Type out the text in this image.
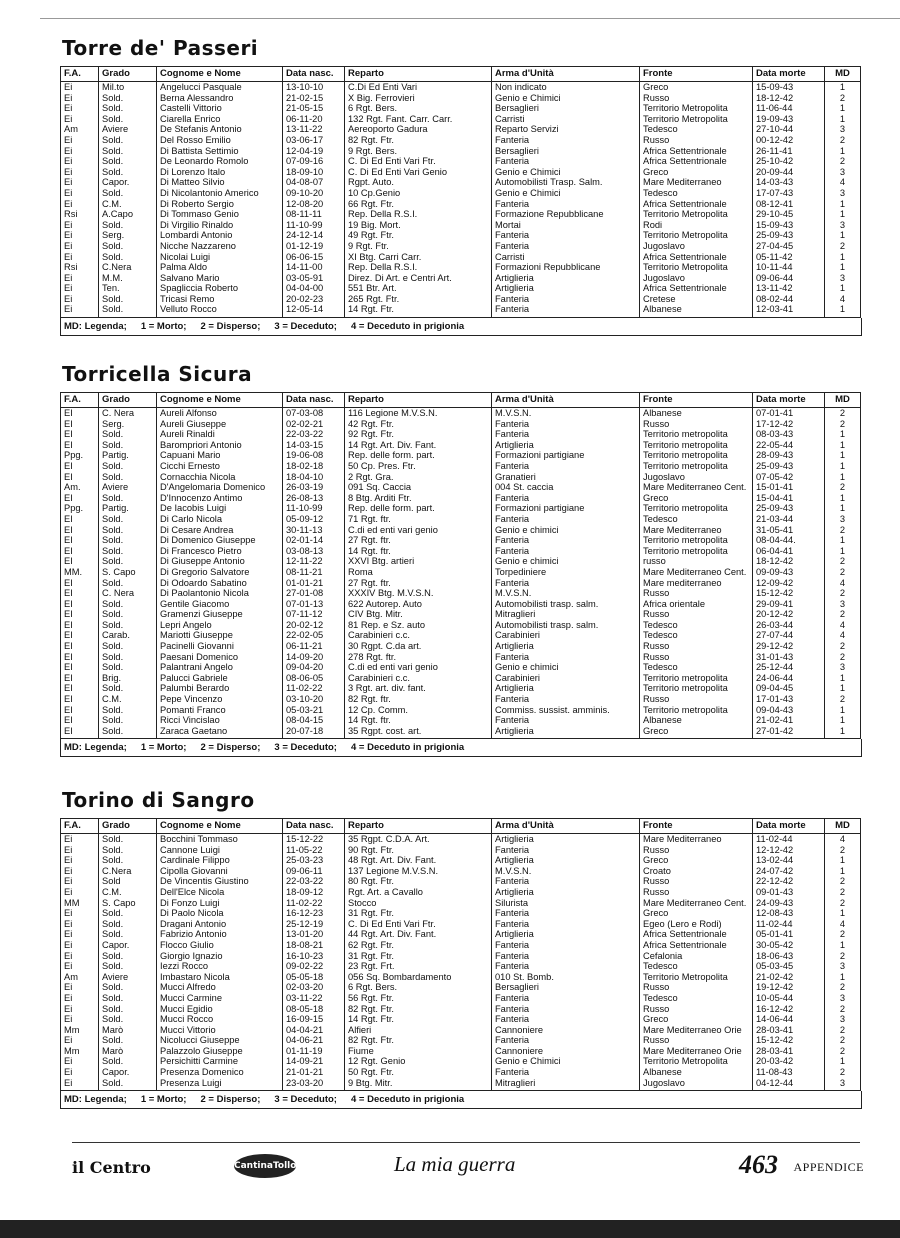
Torre de' Passeri
F.A.	Grado	Cognome e Nome	Data nasc.	Reparto	Arma d'Unità	Fronte	Data morte	MD
Ei	Mil.to	Angelucci Pasquale	13-10-10	C.Di Ed Enti Vari	Non indicato	Greco	15-09-43	1
Ei	Sold.	Berna Alessandro	21-02-15	X Big. Ferrovieri	Genio e Chimici	Russo	18-12-42	2
Ei	Sold.	Castelli Vittorio	21-05-15	6 Rgt. Bers.	Bersaglieri	Territorio Metropolita	11-06-44	1
Ei	Sold.	Ciarella Enrico	06-11-20	132 Rgt. Fant. Carr. Carr.	Carristi	Territorio Metropolita	19-09-43	1
Am	Aviere	De Stefanis Antonio	13-11-22	Aereoporto Gadura	Reparto Servizi	Tedesco	27-10-44	3
Ei	Sold.	Del Rosso Emilio	03-06-17	82 Rgt. Ftr.	Fanteria	Russo	00-12-42	2
Ei	Sold.	Di Battista Settimio	12-04-19	9 Rgt. Bers.	Bersaglieri	Africa Settentrionale	26-11-41	1
Ei	Sold.	De Leonardo Romolo	07-09-16	C. Di Ed Enti Vari Ftr.	Fanteria	Africa Settentrionale	25-10-42	2
Ei	Sold.	Di Lorenzo Italo	18-09-10	C. Di Ed Enti Vari Genio	Genio e Chimici	Greco	20-09-44	3
Ei	Capor.	Di Matteo Silvio	04-08-07	Rgpt. Auto.	Automobilisti Trasp. Salm.	Mare Mediterraneo	14-03-43	4
Ei	Sold.	Di Nicolantonio Americo	09-10-20	10 Cp.Genio	Genio e Chimici	Tedesco	17-07-43	3
Ei	C.M.	Di Roberto Sergio	12-08-20	66 Rgt. Ftr.	Fanteria	Africa Settentrionale	08-12-41	1
Rsi	A.Capo	Di Tommaso Genio	08-11-11	Rep. Della R.S.I.	Formazione Repubblicane	Territorio Metropolita	29-10-45	1
Ei	Sold.	Di Virgilio Rinaldo	11-10-99	19 Big. Mort.	Mortai	Rodi	15-09-43	3
Ei	Serg.	Lombardi Antonio	24-12-14	49 Rgt. Ftr.	Fanteria	Territorio Metropolita	25-09-43	1
Ei	Sold.	Nicche Nazzareno	01-12-19	9 Rgt. Ftr.	Fanteria	Jugoslavo	27-04-45	2
Ei	Sold.	Nicolai Luigi	06-06-15	XI Btg. Carri Carr.	Carristi	Africa Settentrionale	05-11-42	1
Rsi	C.Nera	Palma Aldo	14-11-00	Rep. Della R.S.I.	Formazioni Repubblicane	Territorio Metropolita	10-11-44	1
Ei	M.M.	Salvano Mario	03-05-91	Direz. Di Art. e Centri Art.	Artiglieria	Jugoslavo	09-06-44	3
Ei	Ten.	Spagliccia Roberto	04-04-00	551 Btr. Art.	Artiglieria	Africa Settentrionale	13-11-42	1
Ei	Sold.	Tricasi Remo	20-02-23	265 Rgt. Ftr.	Fanteria	Cretese	08-02-44	4
Ei	Sold.	Velluto Rocco	12-05-14	14 Rgt. Ftr.	Fanteria	Albanese	12-03-41	1
MD: Legenda; 1 = Morto; 2 = Disperso; 3 = Deceduto; 4 = Deceduto in prigionia
Torricella Sicura
F.A.	Grado	Cognome e Nome	Data nasc.	Reparto	Arma d'Unità	Fronte	Data morte	MD
EI	C. Nera	Aureli Alfonso	07-03-08	116 Legione M.V.S.N.	M.V.S.N.	Albanese	07-01-41	2
EI	Serg.	Aureli Giuseppe	02-02-21	42 Rgt. Ftr.	Fanteria	Russo	17-12-42	2
EI	Sold.	Aureli Rinaldi	22-03-22	92 Rgt. Ftr.	Fanteria	Territorio metropolita	08-03-43	1
EI	Sold.	Barompriori Antonio	14-03-15	14 Rgt. Art. Div. Fant.	Artiglieria	Territorio metropolita	22-05-44	1
Ppg.	Partig.	Capuani Mario	19-06-08	Rep. delle form. part.	Formazioni partigiane	Territorio metropolita	28-09-43	1
EI	Sold.	Cicchi Ernesto	18-02-18	50 Cp. Pres. Ftr.	Fanteria	Territorio metropolita	25-09-43	1
EI	Sold.	Cornacchia Nicola	18-04-10	2 Rgt. Gra.	Granatieri	Jugoslavo	07-05-42	1
Am.	Aviere	D'Angelomaria Domenico	26-03-19	091 Sq. Caccia	004 St. caccia	Mare Mediterraneo Cent.	15-01-41	2
EI	Sold.	D'Innocenzo Antimo	26-08-13	8 Btg. Arditi Ftr.	Fanteria	Greco	15-04-41	1
Ppg.	Partig.	De Iacobis Luigi	11-10-99	Rep. delle form. part.	Formazioni partigiane	Territorio metropolita	25-09-43	1
EI	Sold.	Di Carlo Nicola	05-09-12	71 Rgt. ftr.	Fanteria	Tedesco	21-03-44	3
EI	Sold.	Di Cesare Andrea	30-11-13	C.di ed enti vari genio	Genio e chimici	Mare Mediterraneo	31-05-41	2
EI	Sold.	Di Domenico Giuseppe	02-01-14	27 Rgt. ftr.	Fanteria	Territorio metropolita	08-04-44.	1
EI	Sold.	Di Francesco Pietro	03-08-13	14 Rgt. ftr.	Fanteria	Territorio metropolita	06-04-41	1
EI	Sold.	Di Giuseppe Antonio	12-11-22	XXVI Btg. artieri	Genio e chimici	russo	18-12-42	2
MM.	S. Capo	Di Gregorio Salvatore	08-11-21	Roma	Torpediniere	Mare Mediterraneo Cent.	09-09-43	2
EI	Sold.	Di Odoardo Sabatino	01-01-21	27 Rgt. ftr.	Fanteria	Mare mediterraneo	12-09-42	4
EI	C. Nera	Di Paolantonio Nicola	27-01-08	XXXIV Btg. M.V.S.N.	M.V.S.N.	Russo	15-12-42	2
EI	Sold.	Gentile Giacomo	07-01-13	622 Autorep. Auto	Automobilisti trasp. salm.	Africa orientale	29-09-41	3
EI	Sold.	Gramenzi Giuseppe	07-11-12	CIV Btg. Mitr.	Mitraglieri	Russo	20-12-42	2
EI	Sold.	Lepri Angelo	20-02-12	81 Rep. e Sz. auto	Automobilisti trasp. salm.	Tedesco	26-03-44	4
EI	Carab.	Mariotti Giuseppe	22-02-05	Carabinieri c.c.	Carabinieri	Tedesco	27-07-44	4
EI	Sold.	Pacinelli Giovanni	06-11-21	30 Rgpt. C.da art.	Artiglieria	Russo	29-12-42	2
EI	Sold.	Paesani Domenico	14-09-20	278 Rgt. ftr.	Fanteria	Russo	31-01-43	2
EI	Sold.	Palantrani Angelo	09-04-20	C.di ed enti vari genio	Genio e chimici	Tedesco	25-12-44	3
EI	Brig.	Palucci Gabriele	08-06-05	Carabinieri c.c.	Carabinieri	Territorio metropolita	24-06-44	1
EI	Sold.	Palumbi Berardo	11-02-22	3 Rgt. art. div. fant.	Artiglieria	Territorio metropolita	09-04-45	1
EI	C.M.	Pepe Vincenzo	03-10-20	82 Rgt. ftr.	Fanteria	Russo	17-01-43	2
EI	Sold.	Pomanti Franco	05-03-21	12 Cp. Comm.	Commiss. sussist. amminis.	Territorio metropolita	09-04-43	1
EI	Sold.	Ricci Vincislao	08-04-15	14 Rgt. ftr.	Fanteria	Albanese	21-02-41	1
EI	Sold.	Zaraca Gaetano	20-07-18	35 Rgpt. cost. art.	Artiglieria	Greco	27-01-42	1
MD: Legenda; 1 = Morto; 2 = Disperso; 3 = Deceduto; 4 = Deceduto in prigionia
Torino di Sangro
F.A.	Grado	Cognome e Nome	Data nasc.	Reparto	Arma d'Unità	Fronte	Data morte	MD
Ei	Sold.	Bocchini Tommaso	15-12-22	35 Rgpt. C.D.A. Art.	Artiglieria	Mare Mediterraneo	11-02-44	4
Ei	Sold.	Cannone Luigi	11-05-22	90 Rgt. Ftr.	Fanteria	Russo	12-12-42	2
Ei	Sold.	Cardinale Filippo	25-03-23	48 Rgt. Art. Div. Fant.	Artiglieria	Greco	13-02-44	1
Ei	C.Nera	Cipolla Giovanni	09-06-11	137 Legione M.V.S.N.	M.V.S.N.	Croato	24-07-42	1
Ei	Sold	De Vincentis Giustino	22-03-22	80 Rgt. Ftr.	Fanteria	Russo	22-12-42	2
Ei	C.M.	Dell'Elce Nicola	18-09-12	Rgt. Art. a Cavallo	Artiglieria	Russo	09-01-43	2
MM	S. Capo	Di Fonzo Luigi	11-02-22	Stocco	Silurista	Mare Mediterraneo Cent.	24-09-43	2
Ei	Sold.	Di Paolo Nicola	16-12-23	31 Rgt. Ftr.	Fanteria	Greco	12-08-43	1
Ei	Sold.	Dragani Antonio	25-12-19	C. Di Ed Enti Vari Ftr.	Fanteria	Egeo (Lero e Rodi)	11-02-44	4
Ei	Sold.	Fabrizio Antonio	13-01-20	44 Rgt. Art. Div. Fant.	Artiglieria	Africa Settentrionale	05-01-41	2
Ei	Capor.	Flocco Giulio	18-08-21	62 Rgt. Ftr.	Fanteria	Africa Settentrionale	30-05-42	1
Ei	Sold.	Giorgio Ignazio	16-10-23	31 Rgt. Ftr.	Fanteria	Cefalonia	18-06-43	2
Ei	Sold.	Iezzi Rocco	09-02-22	23 Rgt. Frt.	Fanteria	Tedesco	05-03-45	3
Am	Aviere	Imbastaro Nicola	05-05-18	056 Sq. Bombardamento	010 St. Bomb.	Territorio Metropolita	21-02-42	1
Ei	Sold.	Mucci Alfredo	02-03-20	6 Rgt. Bers.	Bersaglieri	Russo	19-12-42	2
Ei	Sold.	Mucci Carmine	03-11-22	56 Rgt. Ftr.	Fanteria	Tedesco	10-05-44	3
Ei	Sold.	Mucci Egidio	08-05-18	82 Rgt. Ftr.	Fanteria	Russo	16-12-42	2
Ei	Sold.	Mucci Rocco	16-09-15	14 Rgt. Ftr.	Fanteria	Greco	14-06-44	3
Mm	Marò	Mucci Vittorio	04-04-21	Alfieri	Cannoniere	Mare Mediterraneo Orie	28-03-41	2
Ei	Sold.	Nicolucci Giuseppe	04-06-21	82 Rgt. Ftr.	Fanteria	Russo	15-12-42	2
Mm	Marò	Palazzolo Giuseppe	01-11-19	Fiume	Cannoniere	Mare Mediterraneo Orie	28-03-41	2
Ei	Sold.	Persichitti Carmine	14-09-21	12 Rgt. Genio	Genio e Chimici	Territorio Metropolita	20-03-42	1
Ei	Capor.	Presenza Domenico	21-01-21	50 Rgt. Ftr.	Fanteria	Albanese	11-08-43	2
Ei	Sold.	Presenza Luigi	23-03-20	9 Btg. Mitr.	Mitraglieri	Jugoslavo	04-12-44	3
MD: Legenda; 1 = Morto; 2 = Disperso; 3 = Deceduto; 4 = Deceduto in prigionia
il Centro	CantinaTollo	La mia guerra	463 APPENDICE
